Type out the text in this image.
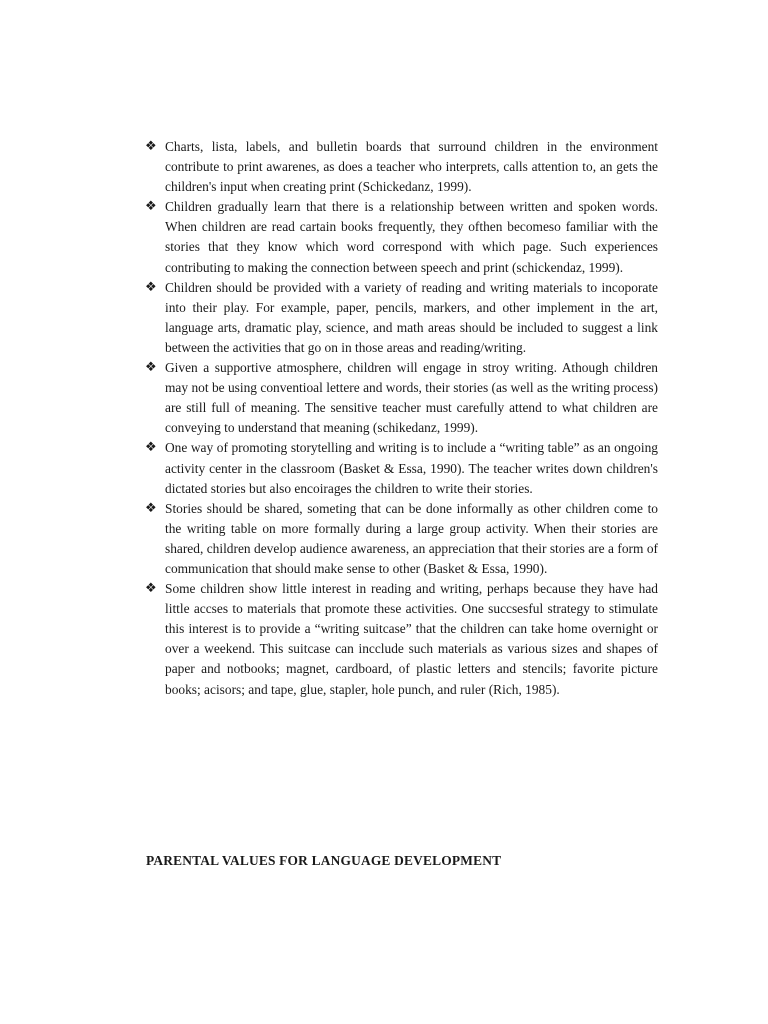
❖ Charts, lista, labels, and bulletin boards that surround children in the environment contribute to print awarenes, as does a teacher who interprets, calls attention to, an gets the children's input when creating print (Schickedanz, 1999).
❖ Children gradually learn that there is a relationship between written and spoken words. When children are read cartain books frequently, they ofthen becomeso familiar with the stories that they know which word correspond with which page. Such experiences contributing to making the connection between speech and print (schickendaz, 1999).
❖ Children should be provided with a variety of reading and writing materials to incoporate into their play. For example, paper, pencils, markers, and other implement in the art, language arts, dramatic play, science, and math areas should be included to suggest a link between the activities that go on in those areas and reading/writing.
❖ Given a supportive atmosphere, children will engage in stroy writing. Athough children may not be using conventioal lettere and words, their stories (as well as the writing process) are still full of meaning. The sensitive teacher must carefully attend to what children are conveying to understand that meaning (schikedanz, 1999).
❖ One way of promoting storytelling and writing is to include a “writing table” as an ongoing activity center in the classroom (Basket & Essa, 1990). The teacher writes down children's dictated stories but also encoirages the children to write their stories.
❖ Stories should be shared, someting that can be done informally as other children come to the writing table on more formally during a large group activity. When their stories are shared, children develop audience awareness, an appreciation that their stories are a form of communication that should make sense to other (Basket & Essa, 1990).
❖ Some children show little interest in reading and writing, perhaps because they have had little accses to materials that promote these activities. One succsesful strategy to stimulate this interest is to provide a “writing suitcase” that the children can take home overnight or over a weekend. This suitcase can incclude such materials as various sizes and shapes of paper and notbooks; magnet, cardboard, of plastic letters and stencils; favorite picture books; acisors; and tape, glue, stapler, hole punch, and ruler (Rich, 1985).
PARENTAL VALUES FOR LANGUAGE DEVELOPMENT
